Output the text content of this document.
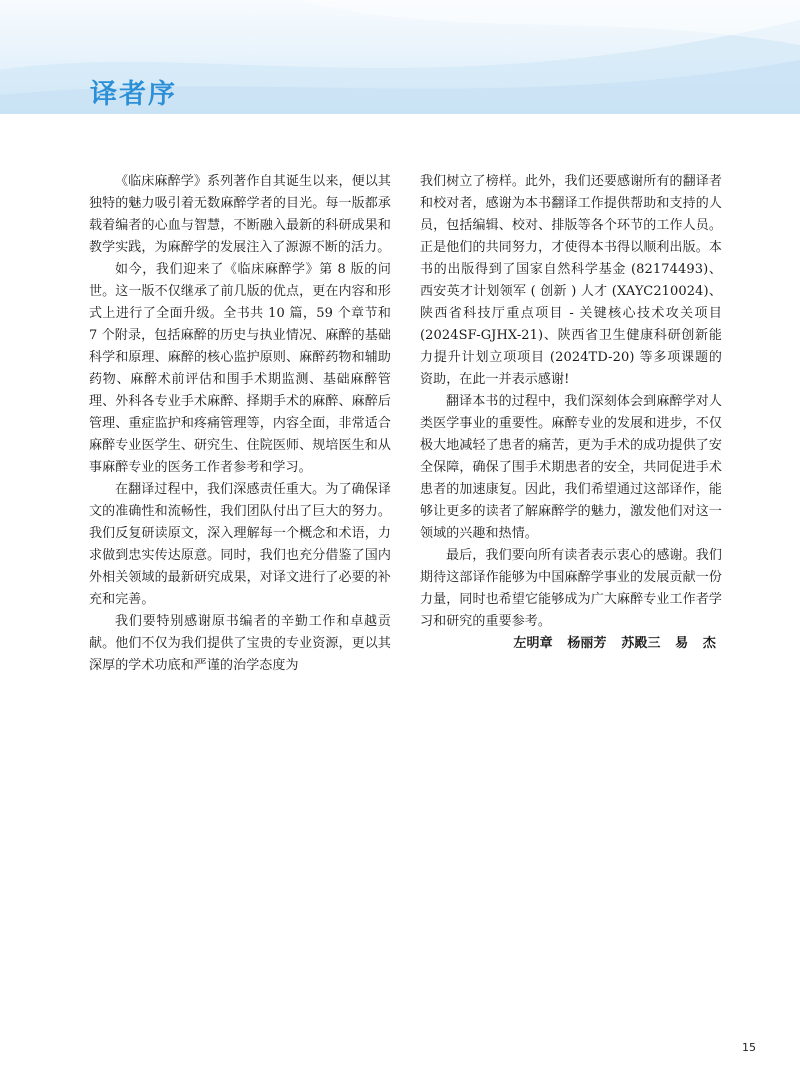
译者序

《临床麻醉学》系列著作自其诞生以来，便以其独特的魅力吸引着无数麻醉学者的目光。每一版都承载着编者的心血与智慧，不断融入最新的科研成果和教学实践，为麻醉学的发展注入了源源不断的活力。

如今，我们迎来了《临床麻醉学》第 8 版的问世。这一版不仅继承了前几版的优点，更在内容和形式上进行了全面升级。全书共 10 篇，59 个章节和 7 个附录，包括麻醉的历史与执业情况、麻醉的基础科学和原理、麻醉的核心监护原则、麻醉药物和辅助药物、麻醉术前评估和围手术期监测、基础麻醉管理、外科各专业手术麻醉、择期手术的麻醉、麻醉后管理、重症监护和疼痛管理等，内容全面，非常适合麻醉专业医学生、研究生、住院医师、规培医生和从事麻醉专业的医务工作者参考和学习。

在翻译过程中，我们深感责任重大。为了确保译文的准确性和流畅性，我们团队付出了巨大的努力。我们反复研读原文，深入理解每一个概念和术语，力求做到忠实传达原意。同时，我们也充分借鉴了国内外相关领域的最新研究成果，对译文进行了必要的补充和完善。

我们要特别感谢原书编者的辛勤工作和卓越贡献。他们不仅为我们提供了宝贵的专业资源，更以其深厚的学术功底和严谨的治学态度为

我们树立了榜样。此外，我们还要感谢所有的翻译者和校对者，感谢为本书翻译工作提供帮助和支持的人员，包括编辑、校对、排版等各个环节的工作人员。正是他们的共同努力，才使得本书得以顺利出版。本书的出版得到了国家自然科学基金 (82174493)、西安英才计划领军 ( 创新 ) 人才 (XAYC210024)、陕西省科技厅重点项目 - 关键核心技术攻关项目 (2024SF-GJHX-21)、陕西省卫生健康科研创新能力提升计划立项项目 (2024TD-20) 等多项课题的资助，在此一并表示感谢!

翻译本书的过程中，我们深刻体会到麻醉学对人类医学事业的重要性。麻醉专业的发展和进步，不仅极大地减轻了患者的痛苦，更为手术的成功提供了安全保障，确保了围手术期患者的安全，共同促进手术患者的加速康复。因此，我们希望通过这部译作，能够让更多的读者了解麻醉学的魅力，激发他们对这一领域的兴趣和热情。

最后，我们要向所有读者表示衷心的感谢。我们期待这部译作能够为中国麻醉学事业的发展贡献一份力量，同时也希望它能够成为广大麻醉专业工作者学习和研究的重要参考。

左明章 杨丽芳 苏殿三 易 杰

15
